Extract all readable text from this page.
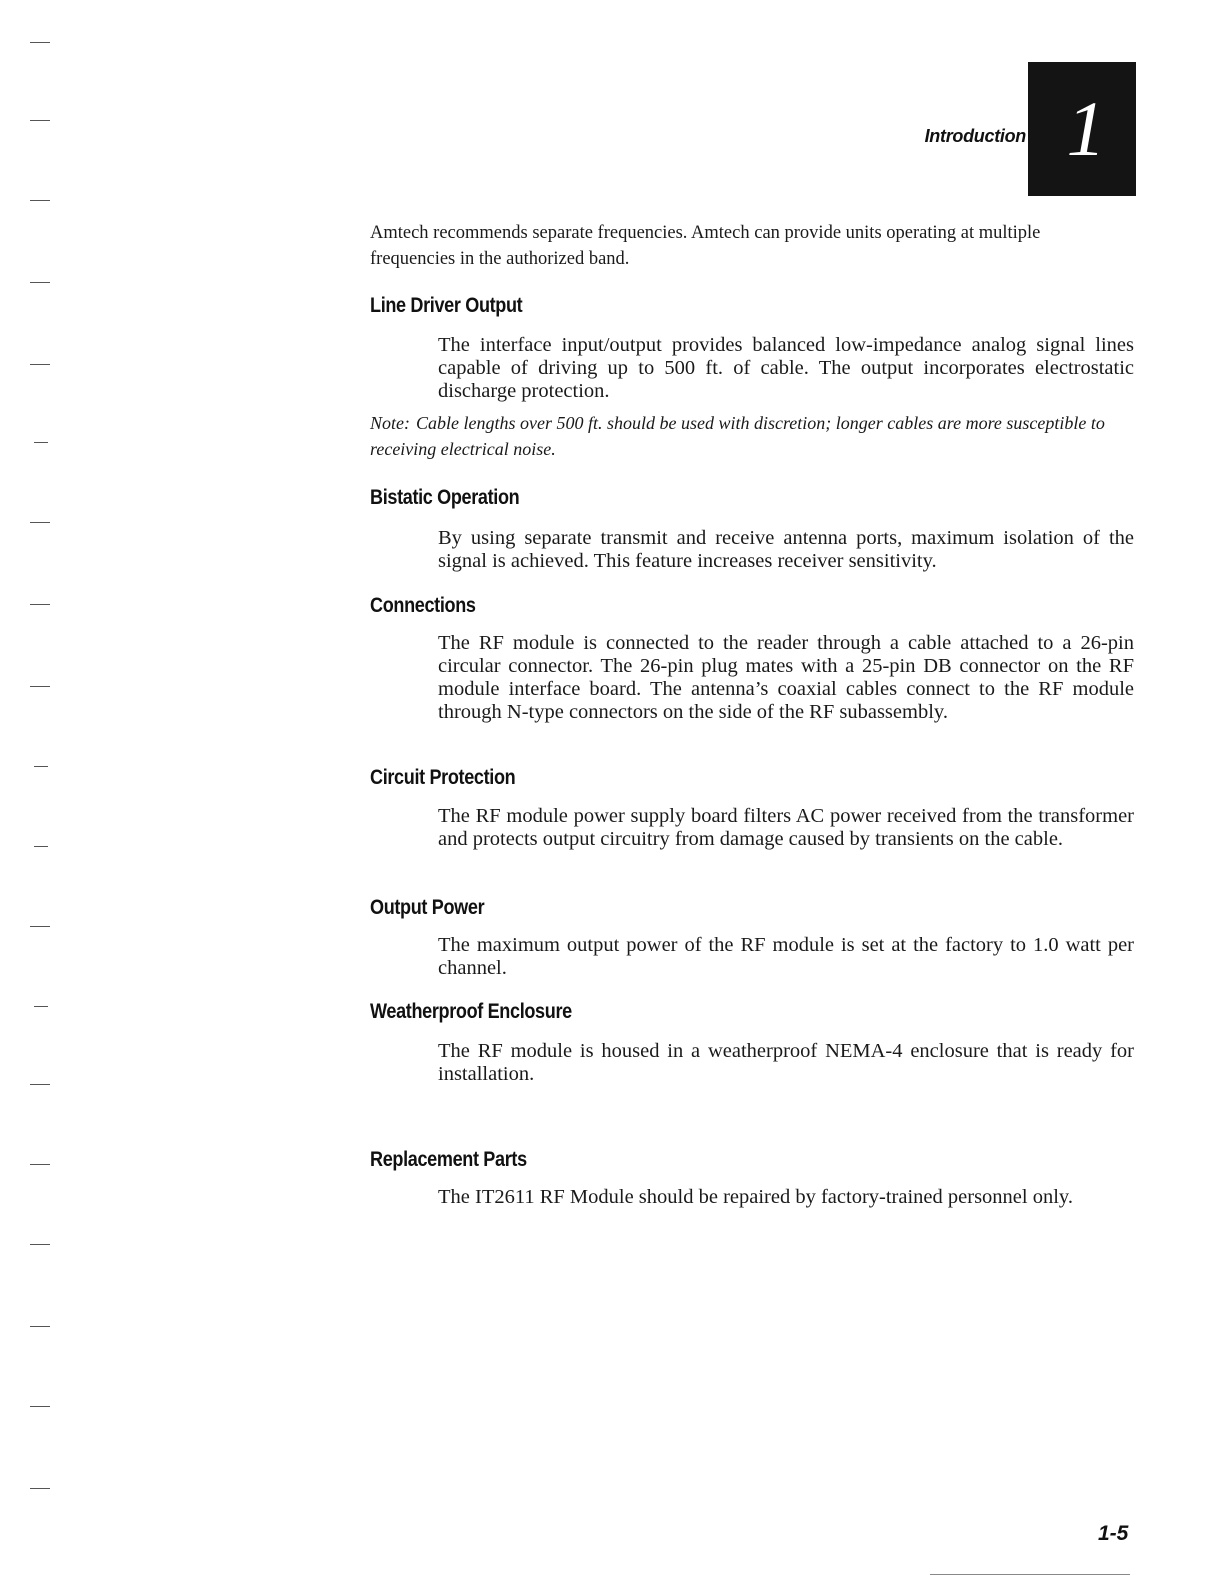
Introduction 1

Amtech recommends separate frequencies. Amtech can provide units operating at multiple frequencies in the authorized band.

Line Driver Output

The interface input/output provides balanced low-impedance analog signal lines capable of driving up to 500 ft. of cable. The output incorporates electrostatic discharge protection.

Note: Cable lengths over 500 ft. should be used with discretion; longer cables are more susceptible to receiving electrical noise.

Bistatic Operation

By using separate transmit and receive antenna ports, maximum isolation of the signal is achieved. This feature increases receiver sensitivity.

Connections

The RF module is connected to the reader through a cable attached to a 26-pin circular connector. The 26-pin plug mates with a 25-pin DB connector on the RF module interface board. The antenna’s coaxial cables connect to the RF module through N-type connectors on the side of the RF subassembly.

Circuit Protection

The RF module power supply board filters AC power received from the transformer and protects output circuitry from damage caused by transients on the cable.

Output Power

The maximum output power of the RF module is set at the factory to 1.0 watt per channel.

Weatherproof Enclosure

The RF module is housed in a weatherproof NEMA-4 enclosure that is ready for installation.

Replacement Parts

The IT2611 RF Module should be repaired by factory-trained personnel only.

1-5
